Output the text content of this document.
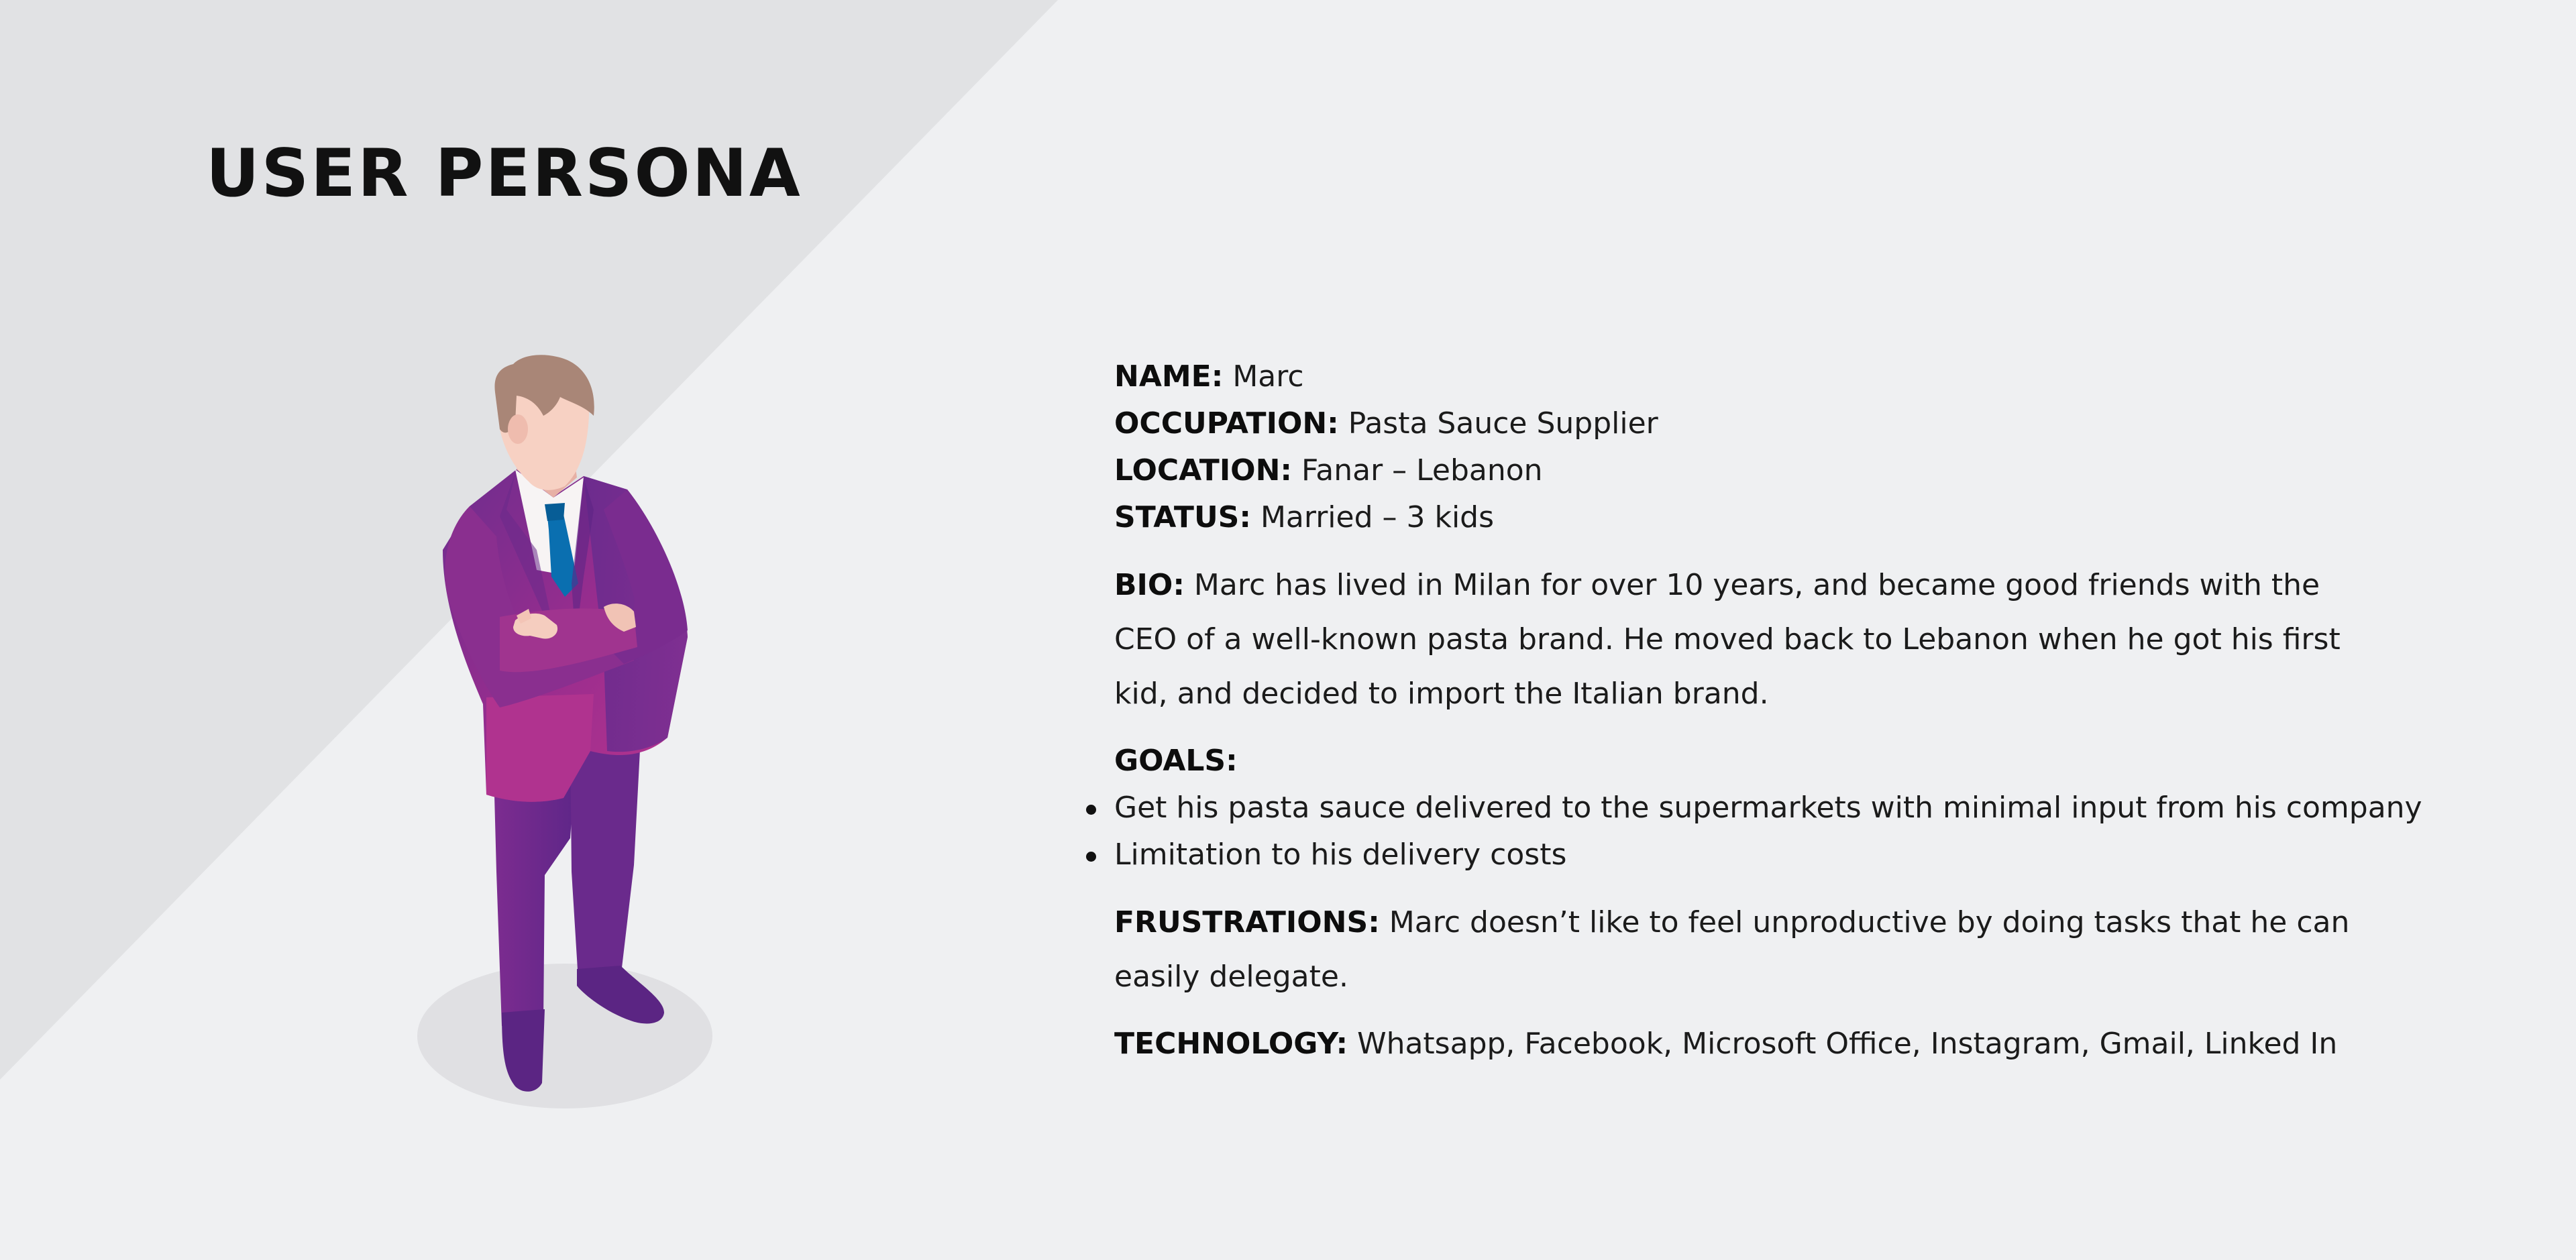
USER PERSONA
NAME: Marc
OCCUPATION: Pasta Sauce Supplier
LOCATION: Fanar – Lebanon
STATUS: Married – 3 kids
BIO: Marc has lived in Milan for over 10 years, and became good friends with the CEO of a well-known pasta brand. He moved back to Lebanon when he got his first kid, and decided to import the Italian brand.
GOALS:
Get his pasta sauce delivered to the supermarkets with minimal input from his company
Limitation to his delivery costs
FRUSTRATIONS: Marc doesn’t like to feel unproductive by doing tasks that he can easily delegate.
TECHNOLOGY: Whatsapp, Facebook, Microsoft Office, Instagram, Gmail, Linked In
